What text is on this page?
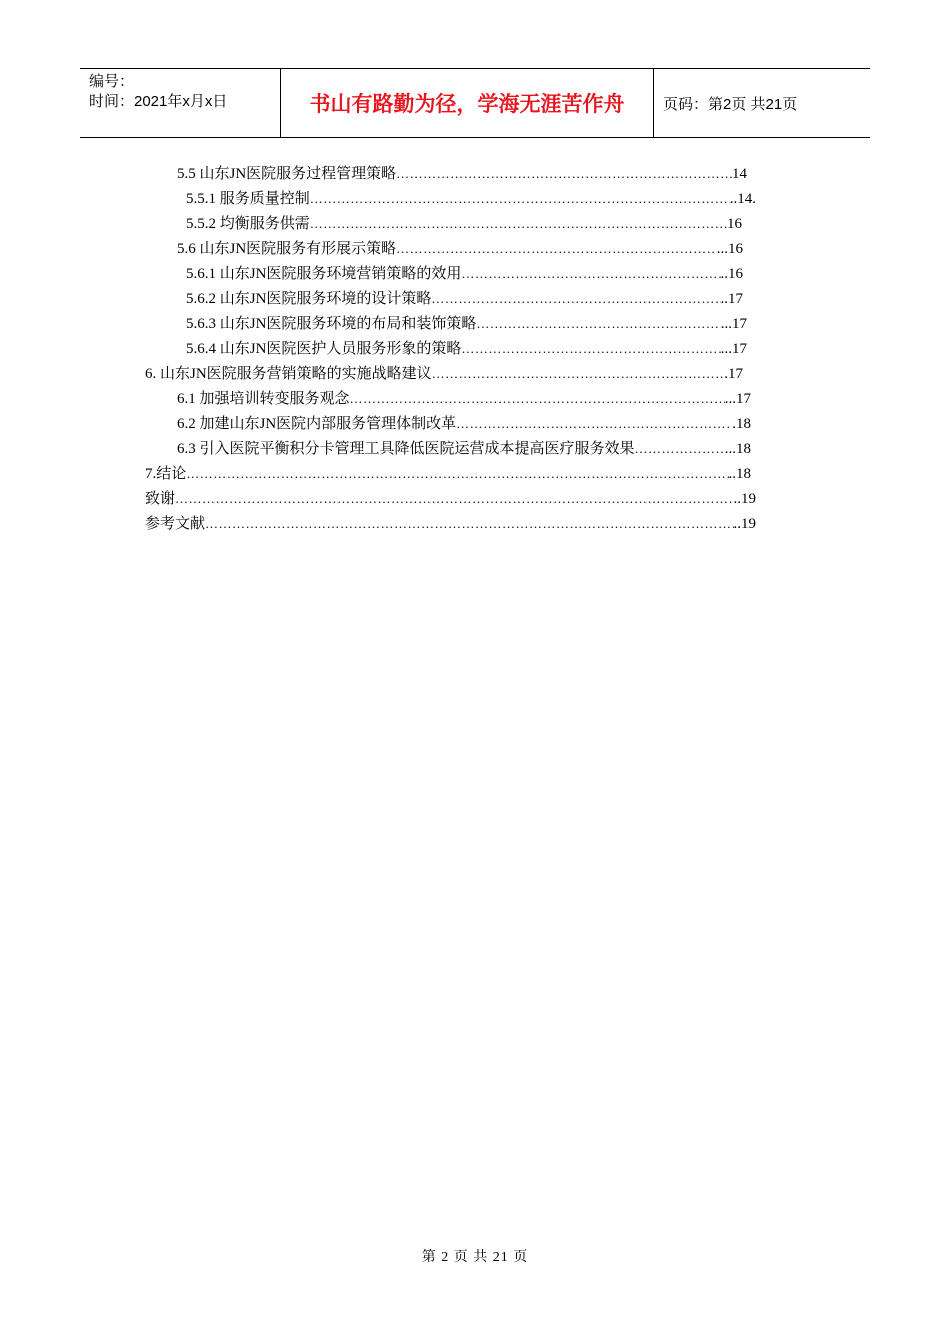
编号：
时间：2021年x月x日	书山有路勤为径，学海无涯苦作舟	页码：第2页 共21页
5.5 山东JN医院服务过程管理策略 ……………………………………………………………………………………………………………………………………………………………………………………	14
5.5.1 服务质量控制 ……………………………………………………………………………………………………………………………………………………………………………………	..14.
5.5.2 均衡服务供需 ……………………………………………………………………………………………………………………………………………………………………………………	16
5.6 山东JN医院服务有形展示策略 ……………………………………………………………………………………………………………………………………………………………………………………	...16
5.6.1 山东JN医院服务环境营销策略的效用 ……………………………………………………………………………………………………………………………………………………………………………………	..16
5.6.2 山东JN医院服务环境的设计策略 ……………………………………………………………………………………………………………………………………………………………………………………	..17
5.6.3 山东JN医院服务环境的布局和装饰策略 ……………………………………………………………………………………………………………………………………………………………………………………	...17
5.6.4 山东JN医院医护人员服务形象的策略 ……………………………………………………………………………………………………………………………………………………………………………………	...17
6. 山东JN医院服务营销策略的实施战略建议 ……………………………………………………………………………………………………………………………………………………………………………………	.17
6.1 加强培训转变服务观念 ……………………………………………………………………………………………………………………………………………………………………………………	...17
6.2 加建山东JN医院内部服务管理体制改革 ……………………………………………………………………………………………………………………………………………………………………………………	.18
6.3 引入医院平衡积分卡管理工具降低医院运营成本提高医疗服务效果 ……………………………………………………………………………………………………………………………………………………………………………………	...18
7.结论 ……………………………………………………………………………………………………………………………………………………………………………………	..18
致谢 ……………………………………………………………………………………………………………………………………………………………………………………	..19
参考文献 ……………………………………………………………………………………………………………………………………………………………………………………	..19
第 2 页 共 21 页
